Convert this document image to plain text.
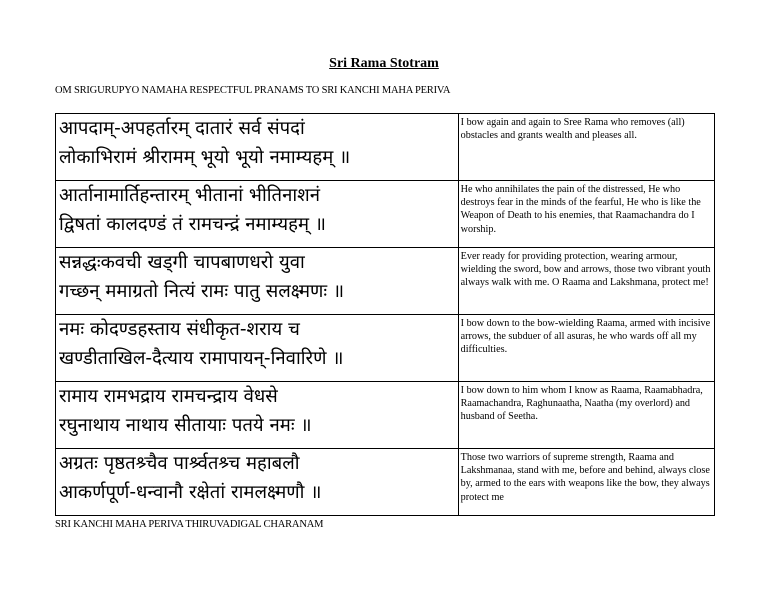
Sri Rama Stotram
OM SRIGURUPYO NAMAHA RESPECTFUL PRANAMS TO SRI KANCHI MAHA PERIVA
आपदाम्-अपहर्तारम् दातारं सर्व संपदां
लोकाभिरामं श्रीरामम् भूयो भूयो नमाम्यहम् ॥	I bow again and again to Sree Rama who removes (all) obstacles and grants wealth and pleases all.

आर्तानामार्तिहन्तारम् भीतानां भीतिनाशनं
द्विषतां कालदण्डं तं रामचन्द्रं नमाम्यहम् ॥	He who annihilates the pain of the distressed, He who destroys fear in the minds of the fearful, He who is like the Weapon of Death to his enemies, that Raamachandra do I worship.

सन्नद्धःकवची खड्गी चापबाणधरो युवा
गच्छन् ममाग्रतो नित्यं रामः पातु सलक्ष्मणः ॥	Ever ready for providing protection, wearing armour, wielding the sword, bow and arrows, those two vibrant youth always walk with me. O Raama and Lakshmana, protect me!

नमः कोदण्डहस्ताय संधीकृत-शराय च
खण्डीताखिल-दैत्याय रामापायन्-निवारिणे ॥	I bow down to the bow-wielding Raama, armed with incisive arrows, the subduer of all asuras, he who wards off all my difficulties.

रामाय रामभद्राय रामचन्द्राय वेधसे
रघुनाथाय नाथाय सीतायाः पतये नमः ॥	I bow down to him whom I know as Raama, Raamabhadra, Raamachandra, Raghunaatha, Naatha (my overlord) and husband of Seetha.

अग्रतः पृष्ठतश्र्चैव पार्श्र्वतश्र्च महाबलौ
आकर्णपूर्ण-धन्वानौ रक्षेतां रामलक्ष्मणौ ॥	Those two warriors of supreme strength, Raama and Lakshmanaa, stand with me, before and behind, always close by, armed to the ears with weapons like the bow, they always protect me
SRI KANCHI MAHA PERIVA THIRUVADIGAL CHARANAM
